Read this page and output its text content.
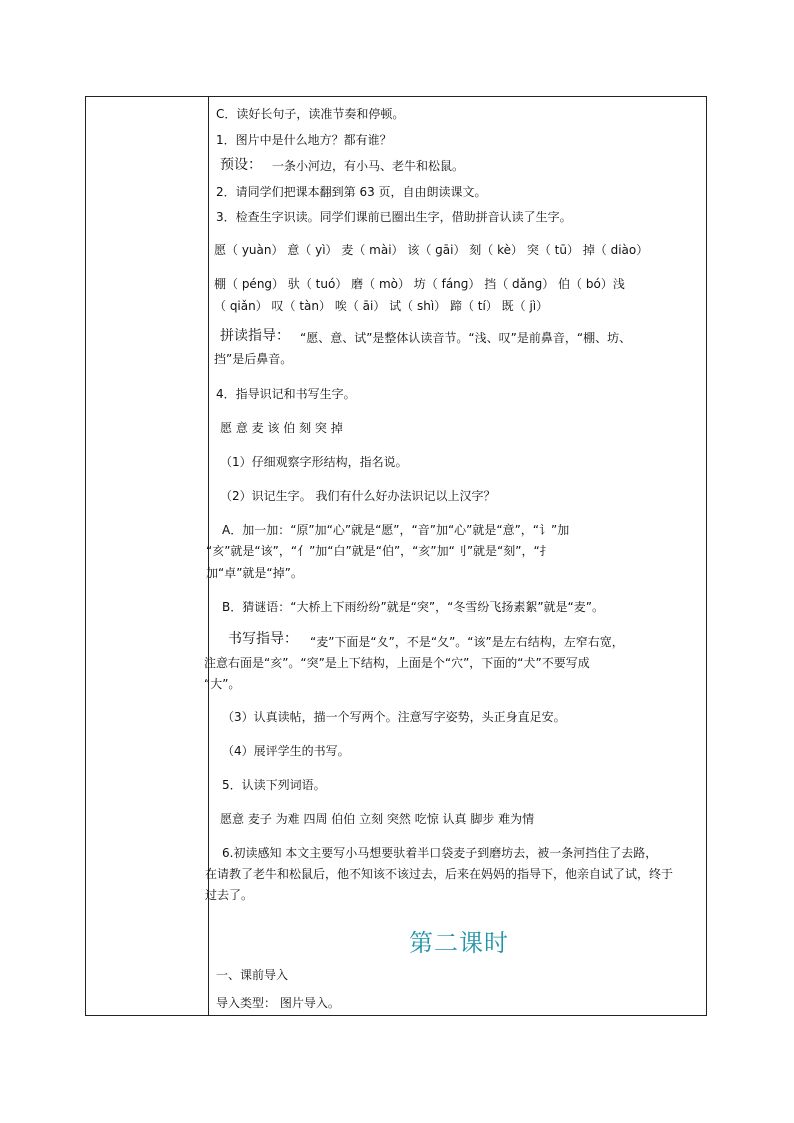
C．读好长句子，读准节奏和停顿。
1．图片中是什么地方？都有谁？
预设： 一条小河边，有小马、老牛和松鼠。
2．请同学们把课本翻到第 63 页，自由朗读课文。
3．检查生字识读。同学们课前已圈出生字，借助拼音认读了生字。
愿（ yuàn） 意（ yì） 麦（ mài） 该（ ɡāi） 刻（ kè） 突（ tū） 掉（ diào）
棚（ péng） 驮（ tuó） 磨（ mò） 坊（ fánɡ） 挡（ dǎnɡ） 伯（ bó）浅
（ qiǎn） 叹（ tàn） 唉（ āi） 试（ shì） 蹄（ tí） 既（ jì）
拼读指导： “愿、意、试”是整体认读音节。“浅、叹”是前鼻音，“棚、坊、
挡”是后鼻音。
4．指导识记和书写生字。
愿 意 麦 该 伯 刻 突 掉
（1）仔细观察字形结构，指名说。
（2）识记生字。 我们有什么好办法识记以上汉字？
A．加一加：“原”加“心”就是“愿”，“音”加“心”就是“意”，“讠”加
“亥”就是“该”，“亻”加“白”就是“伯”，“亥”加“刂”就是“刻”，“扌
加“卓”就是“掉”。
B．猜谜语：“大桥上下雨纷纷”就是“突”，“冬雪纷飞扬素絮”就是“麦”。
书写指导： “麦”下面是“夊”，不是“夂”。“该”是左右结构，左窄右宽，
注意右面是“亥”。“突”是上下结构，上面是个“穴”，下面的“犬”不要写成
“大”。
（3）认真读帖，描一个写两个。注意写字姿势，头正身直足安。
（4）展评学生的书写。
5．认读下列词语。
愿意 麦子 为难 四周 伯伯 立刻 突然 吃惊 认真 脚步 难为情
6.初读感知 本文主要写小马想要驮着半口袋麦子到磨坊去，被一条河挡住了去路，
在请教了老牛和松鼠后，他不知该不该过去，后来在妈妈的指导下，他亲自试了试，终于
过去了。
第二课时
一、课前导入
导入类型： 图片导入。
